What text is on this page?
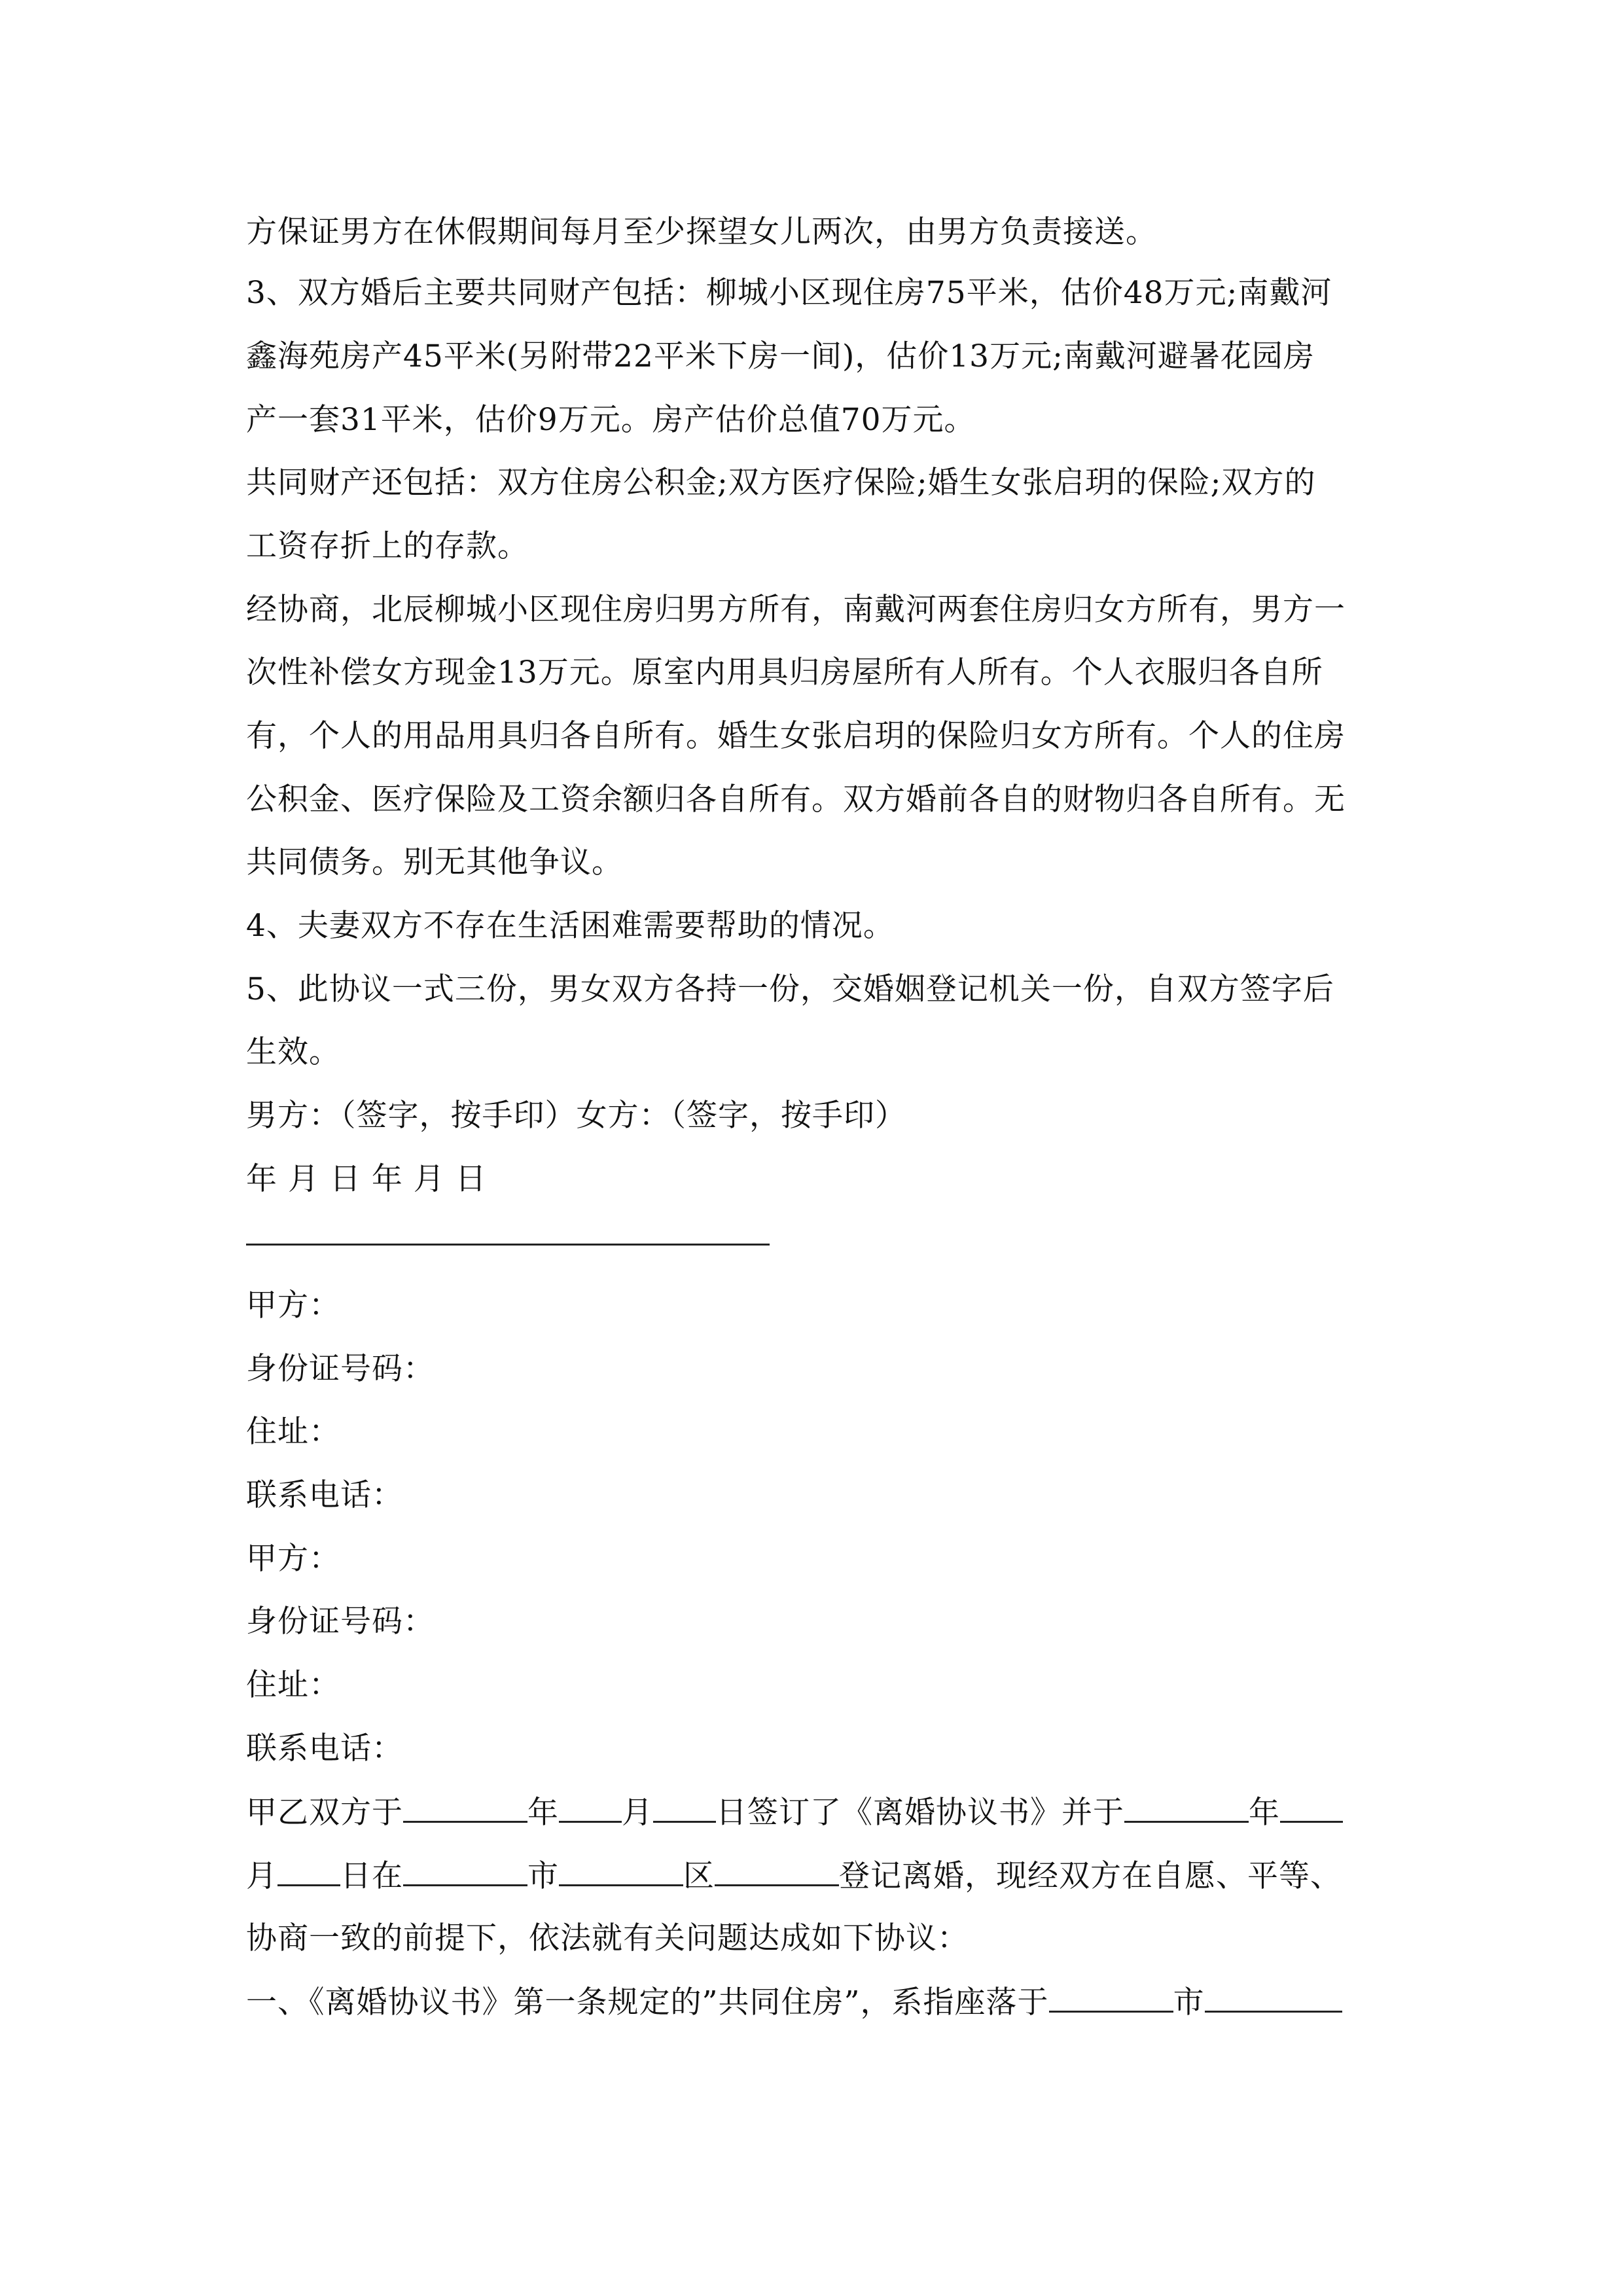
方保证男方在休假期间每月至少探望女儿两次，由男方负责接送。
3、双方婚后主要共同财产包括：柳城小区现住房75平米，估价48万元;南戴河
鑫海苑房产45平米(另附带22平米下房一间)，估价13万元;南戴河避暑花园房
产一套31平米，估价9万元。房产估价总值70万元。
共同财产还包括：双方住房公积金;双方医疗保险;婚生女张启玥的保险;双方的
工资存折上的存款。
经协商，北辰柳城小区现住房归男方所有，南戴河两套住房归女方所有，男方一
次性补偿女方现金13万元。原室内用具归房屋所有人所有。个人衣服归各自所
有，个人的用品用具归各自所有。婚生女张启玥的保险归女方所有。个人的住房
公积金、医疗保险及工资余额归各自所有。双方婚前各自的财物归各自所有。无
共同债务。别无其他争议。
4、夫妻双方不存在生活困难需要帮助的情况。
5、此协议一式三份，男女双方各持一份，交婚姻登记机关一份，自双方签字后
生效。
男方：（签字，按手印）女方：（签字，按手印）
年 月 日 年 月 日
甲方：
身份证号码：
住址：
联系电话：
甲方：
身份证号码：
住址：
联系电话：
甲乙双方于	年 月 日签订了《离婚协议书》并于	年
月 日在	市	区	登记离婚，现经双方在自愿、平等、
协商一致的前提下，依法就有关问题达成如下协议：
一、《离婚协议书》第一条规定的”共同住房”，系指座落于	市
